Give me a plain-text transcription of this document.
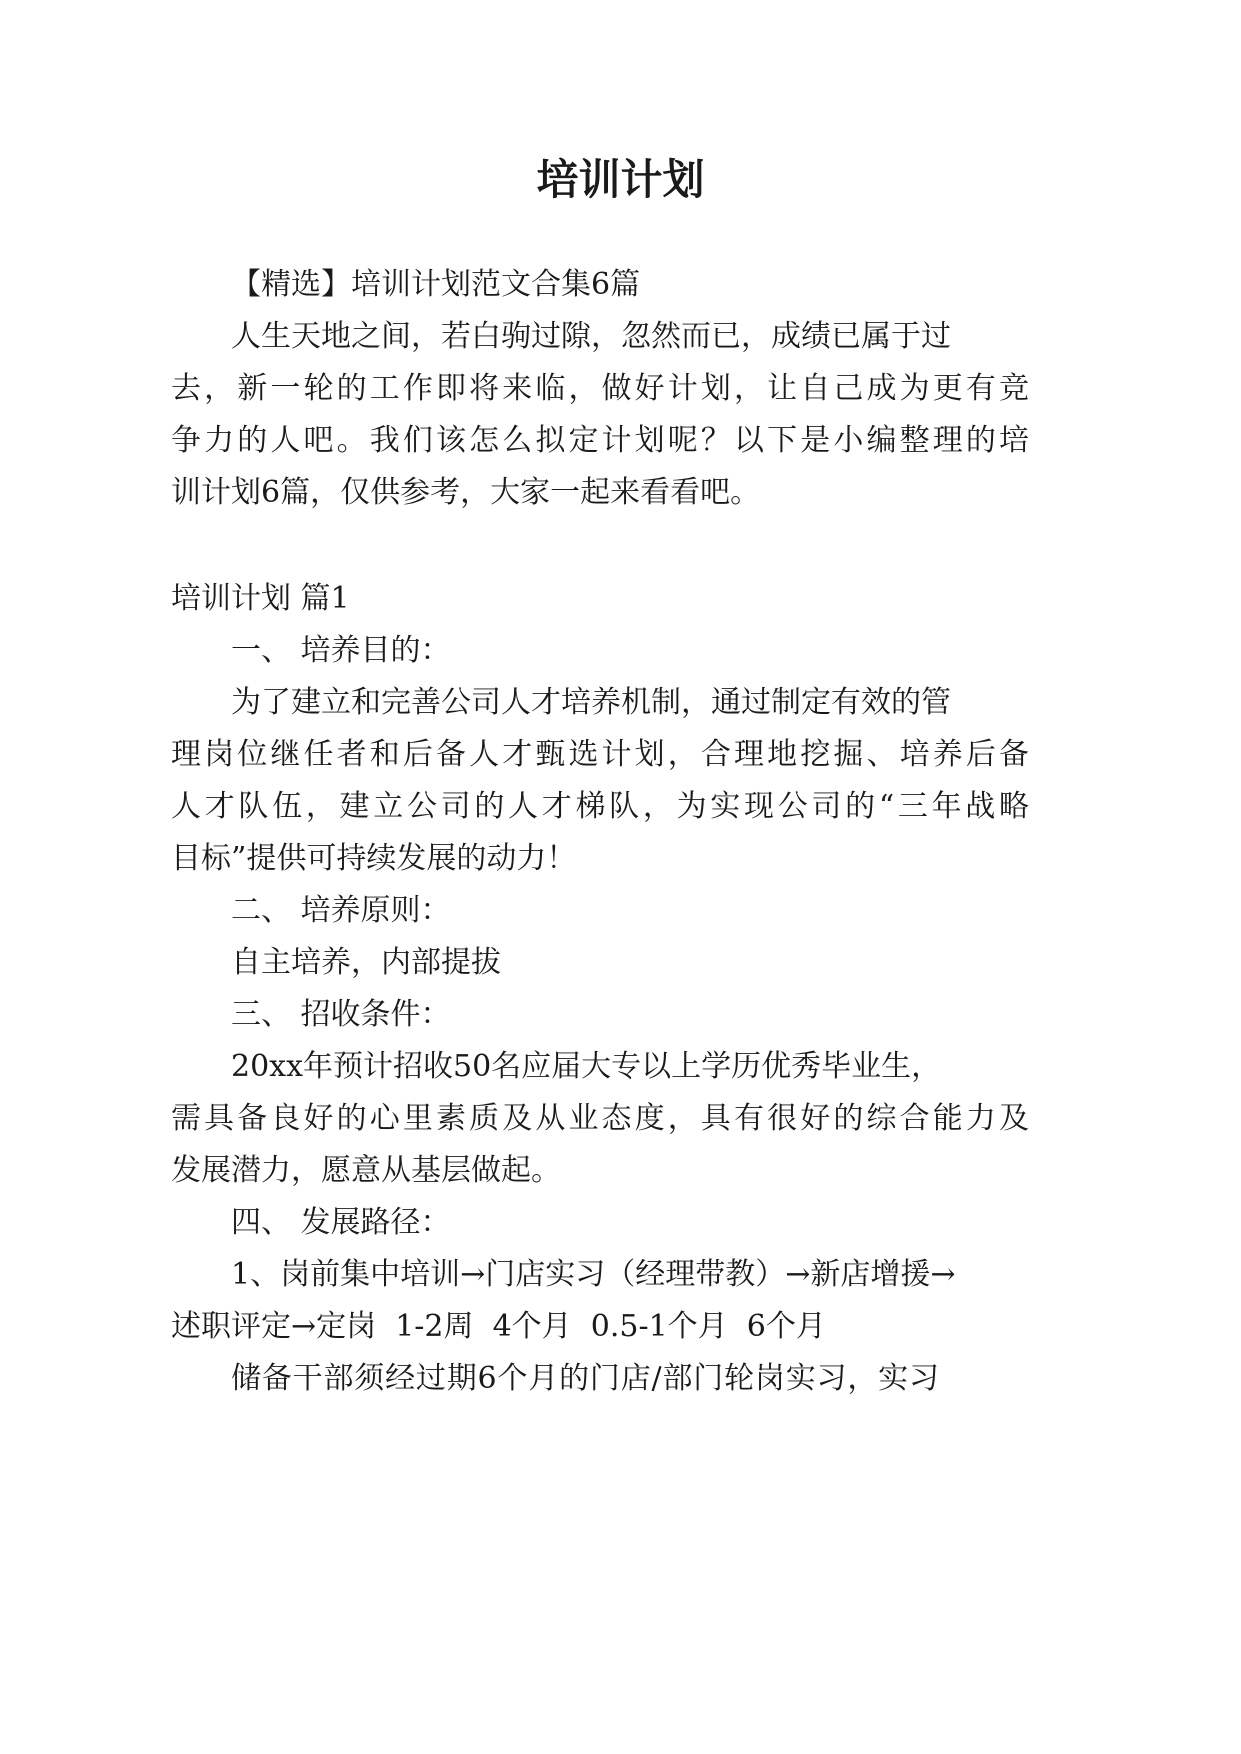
培训计划

【精选】培训计划范文合集6篇

人生天地之间，若白驹过隙，忽然而已，成绩已属于过

去，新一轮的工作即将来临，做好计划，让自己成为更有竞

争力的人吧。我们该怎么拟定计划呢？以下是小编整理的培

训计划6篇，仅供参考，大家一起来看看吧。

培训计划 篇1

一、 培养目的：

为了建立和完善公司人才培养机制，通过制定有效的管

理岗位继任者和后备人才甄选计划，合理地挖掘、培养后备

人才队伍，建立公司的人才梯队，为实现公司的“三年战略

目标”提供可持续发展的动力！

二、 培养原则：

自主培养，内部提拔

三、 招收条件：

20xx年预计招收50名应届大专以上学历优秀毕业生，

需具备良好的心里素质及从业态度，具有很好的综合能力及

发展潜力，愿意从基层做起。

四、 发展路径：

1、岗前集中培训→门店实习（经理带教）→新店增援→

述职评定→定岗  1-2周  4个月  0.5-1个月  6个月

储备干部须经过期6个月的门店/部门轮岗实习，实习
